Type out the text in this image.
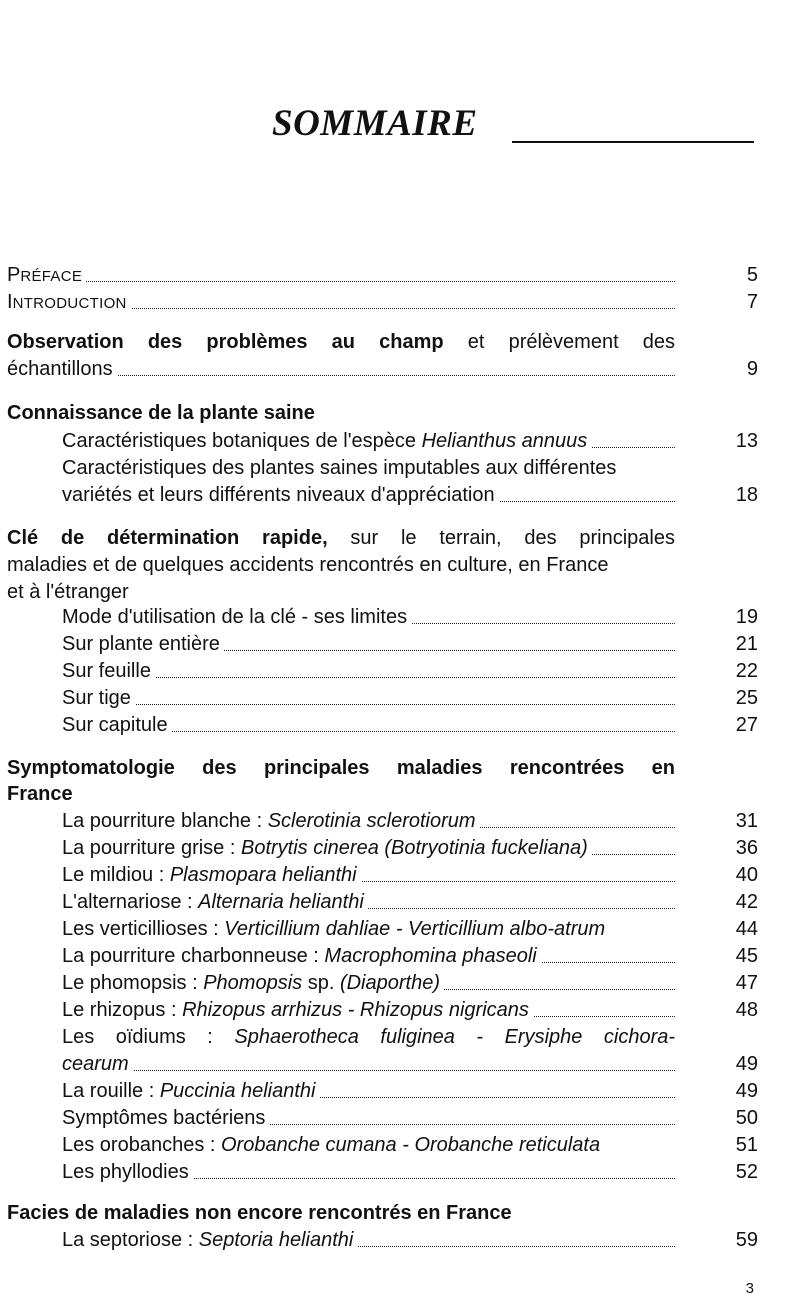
SOMMAIRE
PRÉFACE	5
INTRODUCTION	7
Observation des problèmes au champ et prélèvement des
échantillons	9
Connaissance de la plante saine
Caractéristiques botaniques de l'espèce Helianthus annuus	13
Caractéristiques des plantes saines imputables aux différentes
variétés et leurs différents niveaux d'appréciation	18
Clé de détermination rapide, sur le terrain, des principales
maladies et de quelques accidents rencontrés en culture, en France
et à l'étranger
Mode d'utilisation de la clé - ses limites	19
Sur plante entière	21
Sur feuille	22
Sur tige	25
Sur capitule	27
Symptomatologie des principales maladies rencontrées en
France
La pourriture blanche : Sclerotinia sclerotiorum	31
La pourriture grise : Botrytis cinerea (Botryotinia fuckeliana)	36
Le mildiou : Plasmopara helianthi	40
L'alternariose : Alternaria helianthi	42
Les verticillioses : Verticillium dahliae - Verticillium albo-atrum	44
La pourriture charbonneuse : Macrophomina phaseoli	45
Le phomopsis : Phomopsis sp. (Diaporthe)	47
Le rhizopus : Rhizopus arrhizus - Rhizopus nigricans	48
Les oïdiums : Sphaerotheca fuliginea - Erysiphe cichora-
cearum	49
La rouille : Puccinia helianthi	49
Symptômes bactériens	50
Les orobanches : Orobanche cumana - Orobanche reticulata	51
Les phyllodies	52
Facies de maladies non encore rencontrés en France
La septoriose : Septoria helianthi	59
3
